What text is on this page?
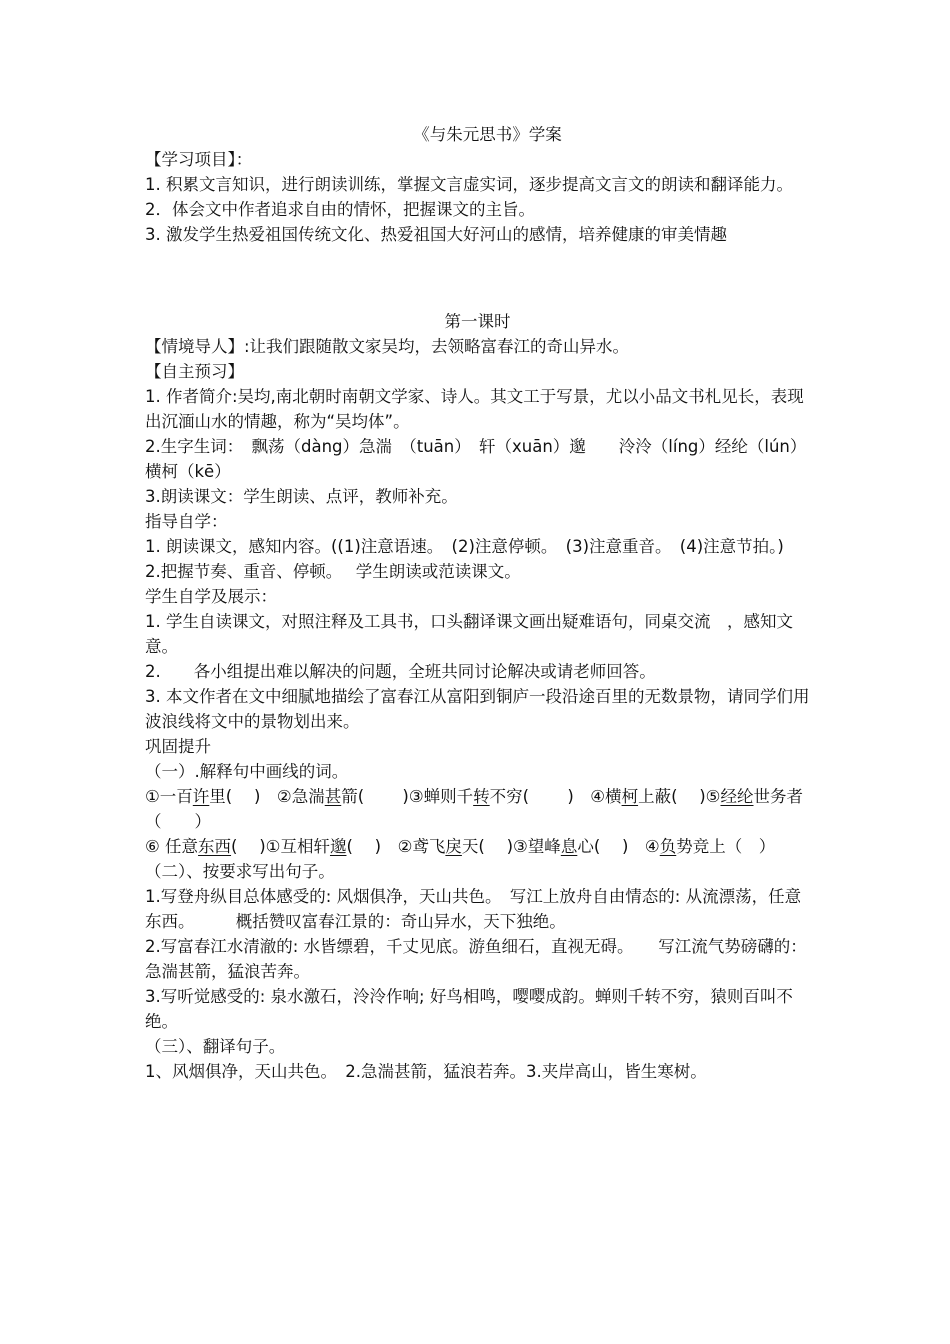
《与朱元思书》学案

【学习项目】：

1. 积累文言知识，进行朗读训练，掌握文言虚实词，逐步提高文言文的朗读和翻译能力。

2．体会文中作者追求自由的情怀，把握课文的主旨。

3. 激发学生热爱祖国传统文化、热爱祖国大好河山的感情，培养健康的审美情趣

第一课时

【情境导人】:让我们跟随散文家吴均，去领略富春江的奇山异水。

【自主预习】

1. 作者简介:吴均,南北朝时南朝文学家、诗人。其文工于写景，尤以小品文书札见长，表现出沉湎山水的情趣，称为“吴均体”。

2.生字生词：　飘荡（dàng）急湍　（tuān）　轩（xuān）邈　　泠泠（líng）经纶（lún）横柯（kē）

3.朗读课文：学生朗读、点评，教师补充。

指导自学：

1. 朗读课文，感知内容。((1)注意语速。　(2)注意停顿。　(3)注意重音。　(4)注意节拍。)

2.把握节奏、重音、停顿。　 学生朗读或范读课文。

学生自学及展示：

1. 学生自读课文，对照注释及工具书，口头翻译课文画出疑难语句，同桌交流　，感知文意。

2.　　各小组提出难以解决的问题，全班共同讨论解决或请老师回答。

3. 本文作者在文中细腻地描绘了富春江从富阳到铜庐一段沿途百里的无数景物，请同学们用波浪线将文中的景物划出来。

巩固提升

（一）.解释句中画线的词。

①一百许里(　 )　②急湍甚箭(　　 )③蝉则千转不穷(　　 )　④横柯上蔽(　 )⑤经纶世务者（　　）

⑥ 任意东西(　 )①互相轩邈(　 )　②鸢飞戾天(　 )③望峰息心(　 )　④负势竞上（　）

（二）、按要求写出句子。

1.写登舟纵目总体感受的: 风烟俱净，天山共色。　写江上放舟自由情态的: 从流漂荡，任意东西。　　　概括赞叹富春江景的：奇山异水，天下独绝。

2.写富春江水清澈的: 水皆缥碧，千丈见底。游鱼细石，直视无碍。　　写江流气势磅礴的：急湍甚箭，猛浪苦奔。

3.写听觉感受的: 泉水激石，泠泠作响; 好鸟相鸣，嘤嘤成韵。蝉则千转不穷，猿则百叫不绝。

（三）、翻译句子。

1、风烟俱净，天山共色。　2.急湍甚箭，猛浪若奔。3.夹岸高山，皆生寒树。
